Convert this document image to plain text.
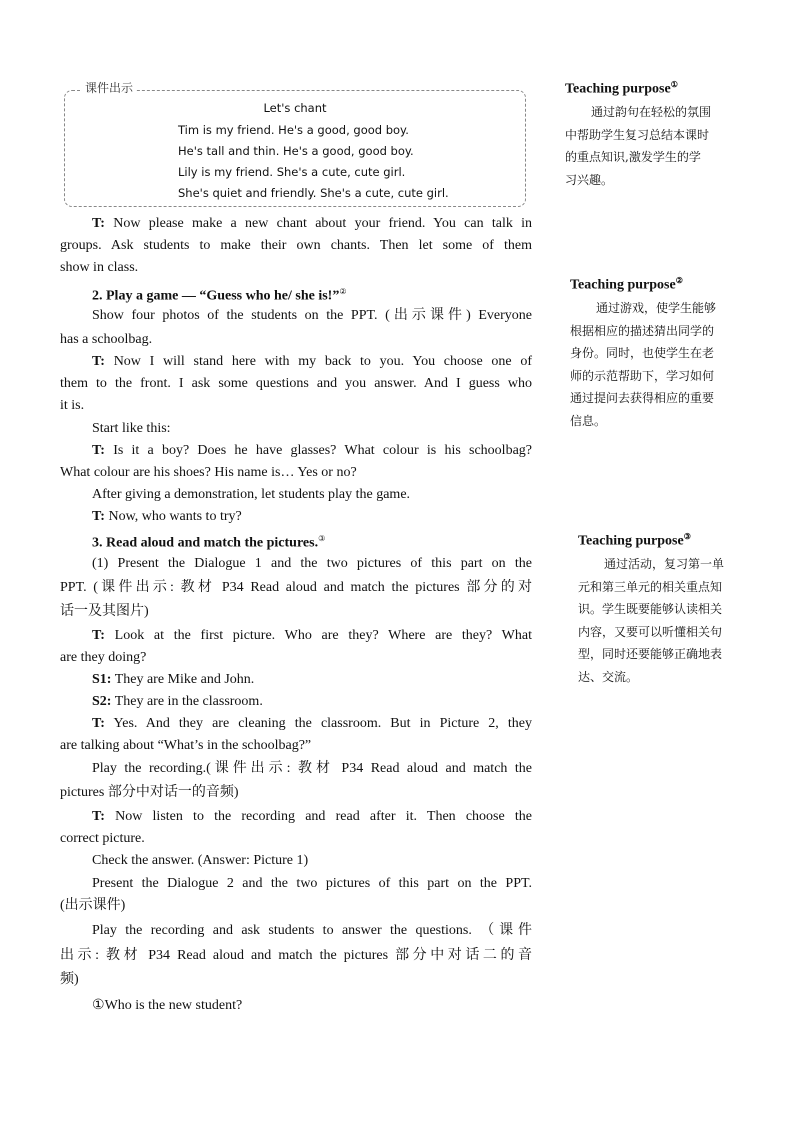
Let's chant
Tim is my friend. He's a good, good boy.
He's tall and thin. He's a good, good boy.
Lily is my friend. She's a cute, cute girl.
She's quiet and friendly. She's a cute, cute girl.
课件出示
T: Now please make a new chant about your friend. You can talk in
groups. Ask students to make their own chants. Then let some of them
show in class.
2. Play a game — “Guess who he/ she is!”②
Show four photos of the students on the PPT. (出示课件) Everyone
has a schoolbag.
T: Now I will stand here with my back to you. You choose one of
them to the front. I ask some questions and you answer. And I guess who
it is.
Start like this:
T: Is it a boy? Does he have glasses? What colour is his schoolbag?
What colour are his shoes? His name is… Yes or no?
After giving a demonstration, let students play the game.
T: Now, who wants to try?
3. Read aloud and match the pictures.③
(1) Present the Dialogue 1 and the two pictures of this part on the
PPT. (课件出示: 教材 P34 Read aloud and match the pictures 部分的对
话一及其图片)
T: Look at the first picture. Who are they? Where are they? What
are they doing?
S1: They are Mike and John.
S2: They are in the classroom.
T: Yes. And they are cleaning the classroom. But in Picture 2, they
are talking about “What’s in the schoolbag?”
Play the recording.(课件出示: 教材 P34 Read aloud and match the
pictures 部分中对话一的音频)
T: Now listen to the recording and read after it. Then choose the
correct picture.
Check the answer. (Answer: Picture 1)
Present the Dialogue 2 and the two pictures of this part on the PPT.
(出示课件)
Play the recording and ask students to answer the questions. （课件
出示: 教材 P34 Read aloud and match the pictures 部分中对话二的音
频)
①Who is the new student?
Teaching purpose①
通过韵句在轻松的氛围
中帮助学生复习总结本课时
的重点知识,激发学生的学
习兴趣。
Teaching purpose②
通过游戏，使学生能够
根据相应的描述猜出同学的
身份。同时，也使学生在老
师的示范帮助下，学习如何
通过提问去获得相应的重要
信息。
Teaching purpose③
通过活动，复习第一单
元和第三单元的相关重点知
识。学生既要能够认读相关
内容，又要可以听懂相关句
型，同时还要能够正确地表
达、交流。
